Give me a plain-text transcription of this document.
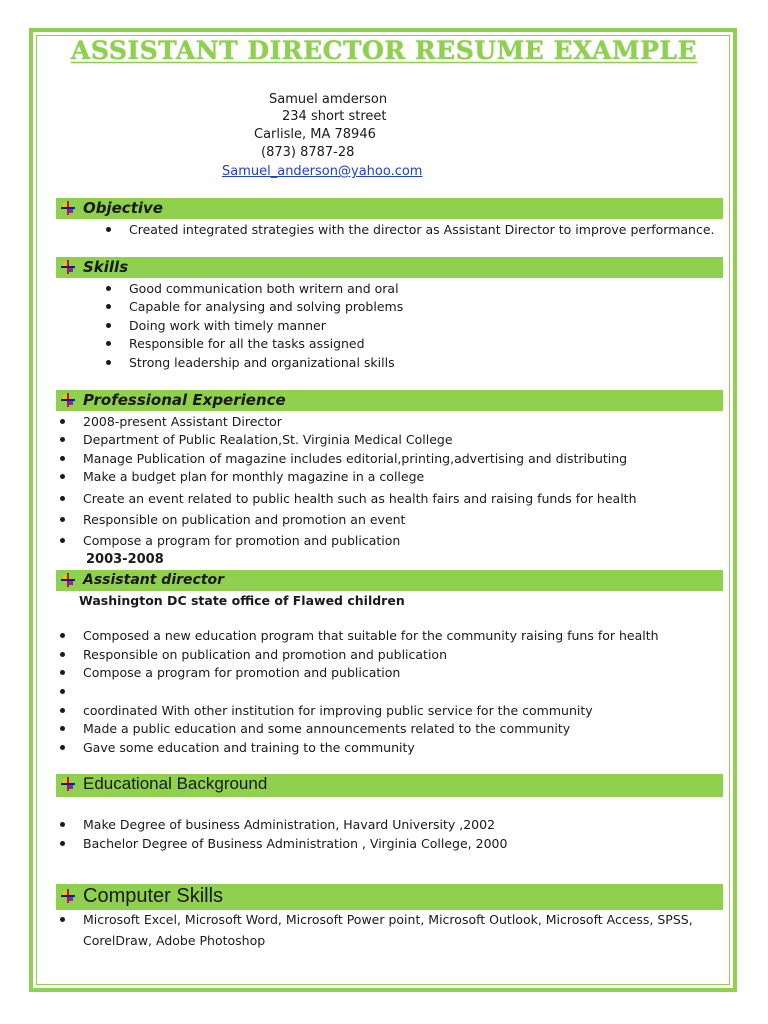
ASSISTANT DIRECTOR RESUME EXAMPLE
Samuel amderson
234 short street
Carlisle, MA 78946
(873) 8787-28
Samuel_anderson@yahoo.com
Objective
Created integrated strategies with the director as Assistant Director to improve performance.
Skills
Good communication both writern and oral
Capable for analysing and solving problems
Doing work with timely manner
Responsible for all the tasks assigned
Strong leadership and organizational skills
Professional Experience
2008-present Assistant Director
Department of Public Realation,St. Virginia Medical College
Manage Publication of magazine includes editorial,printing,advertising and distributing
Make a budget plan for monthly magazine in a college
Create an event related to public health such as health fairs and raising funds for health
Responsible on publication and promotion an event
Compose a program for promotion and publication
2003-2008
Assistant director
Washington DC state office of Flawed children
Composed a new education program that suitable for the community raising funs for health
Responsible on publication and promotion and publication
Compose a program for promotion and publication
coordinated With other institution for improving public service for the community
Made a public education and some announcements related to the community
Gave some education and training to the community
Educational Background
Make Degree of business Administration, Havard University ,2002
Bachelor Degree of Business Administration , Virginia College, 2000
Computer Skills
Microsoft Excel, Microsoft Word, Microsoft Power point, Microsoft Outlook, Microsoft Access, SPSS,
CorelDraw, Adobe Photoshop
